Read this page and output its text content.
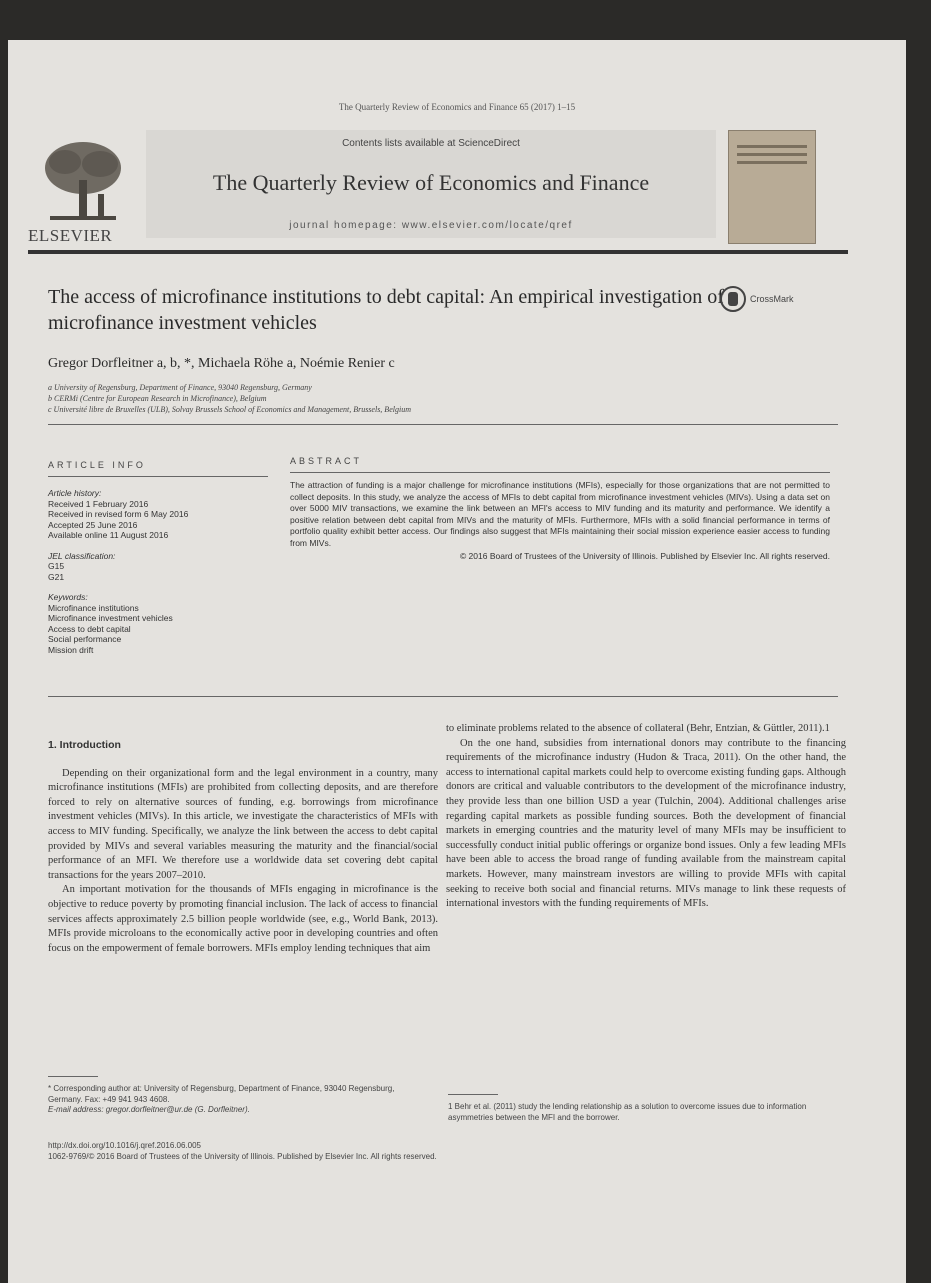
The Quarterly Review of Economics and Finance 65 (2017) 1–15
ELSEVIER
Contents lists available at ScienceDirect
The Quarterly Review of Economics and Finance
journal homepage: www.elsevier.com/locate/qref
The access of microfinance institutions to debt capital: An empirical investigation of microfinance investment vehicles
CrossMark
Gregor Dorfleitner a, b, *, Michaela Röhe a, Noémie Renier c
a University of Regensburg, Department of Finance, 93040 Regensburg, Germany
b CERMi (Centre for European Research in Microfinance), Belgium
c Université libre de Bruxelles (ULB), Solvay Brussels School of Economics and Management, Brussels, Belgium
ARTICLE INFO	ABSTRACT
Article history:
Received 1 February 2016
Received in revised form 6 May 2016
Accepted 25 June 2016
Available online 11 August 2016
JEL classification:
G15
G21
Keywords:
Microfinance institutions
Microfinance investment vehicles
Access to debt capital
Social performance
Mission drift
The attraction of funding is a major challenge for microfinance institutions (MFIs), especially for those organizations that are not permitted to collect deposits. In this study, we analyze the access of MFIs to debt capital from microfinance investment vehicles (MIVs). Using a data set on over 5000 MIV transactions, we examine the link between an MFI's access to MIV funding and its maturity and performance. We identify a positive relation between debt capital from MIVs and the maturity of MFIs. Furthermore, MFIs with a solid financial performance in terms of portfolio quality exhibit better access. Our findings also suggest that MFIs maintaining their social mission experience easier access to funding from MIVs.
© 2016 Board of Trustees of the University of Illinois. Published by Elsevier Inc. All rights reserved.
1. Introduction

Depending on their organizational form and the legal environment in a country, many microfinance institutions (MFIs) are prohibited from collecting deposits, and are therefore forced to rely on alternative sources of funding, e.g. borrowings from microfinance investment vehicles (MIVs). In this article, we investigate the characteristics of MFIs with access to MIV funding. Specifically, we analyze the link between the access to debt capital provided by MIVs and several variables measuring the maturity and the financial/social performance of an MFI. We therefore use a worldwide data set covering debt capital transactions for the years 2007–2010.

An important motivation for the thousands of MFIs engaging in microfinance is the objective to reduce poverty by promoting financial inclusion. The lack of access to financial services affects approximately 2.5 billion people worldwide (see, e.g., World Bank, 2013). MFIs provide microloans to the economically active poor in developing countries and often focus on the empowerment of female borrowers. MFIs employ lending techniques that aim

to eliminate problems related to the absence of collateral (Behr, Entzian, & Güttler, 2011).1

On the one hand, subsidies from international donors may contribute to the financing requirements of the microfinance industry (Hudon & Traca, 2011). On the other hand, the access to international capital markets could help to overcome existing funding gaps. Although donors are critical and valuable contributors to the development of the microfinance industry, they provide less than one billion USD a year (Tulchin, 2004). Additional challenges arise regarding capital markets as possible funding sources. Both the development of financial markets in emerging countries and the maturity level of many MFIs may be insufficient to successfully conduct initial public offerings or organize bond issues. Only a few leading MFIs have been able to access the broad range of funding available from the mainstream capital markets. However, many mainstream investors are willing to provide MFIs with capital seeking to receive both social and financial returns. MIVs manage to link these requests of international investors with the funding requirements of MFIs.

* Corresponding author at: University of Regensburg, Department of Finance, 93040 Regensburg, Germany. Fax: +49 941 943 4608.
E-mail address: gregor.dorfleitner@ur.de (G. Dorfleitner).	1 Behr et al. (2011) study the lending relationship as a solution to overcome issues due to information asymmetries between the MFI and the borrower.
http://dx.doi.org/10.1016/j.qref.2016.06.005
1062-9769/© 2016 Board of Trustees of the University of Illinois. Published by Elsevier Inc. All rights reserved.
